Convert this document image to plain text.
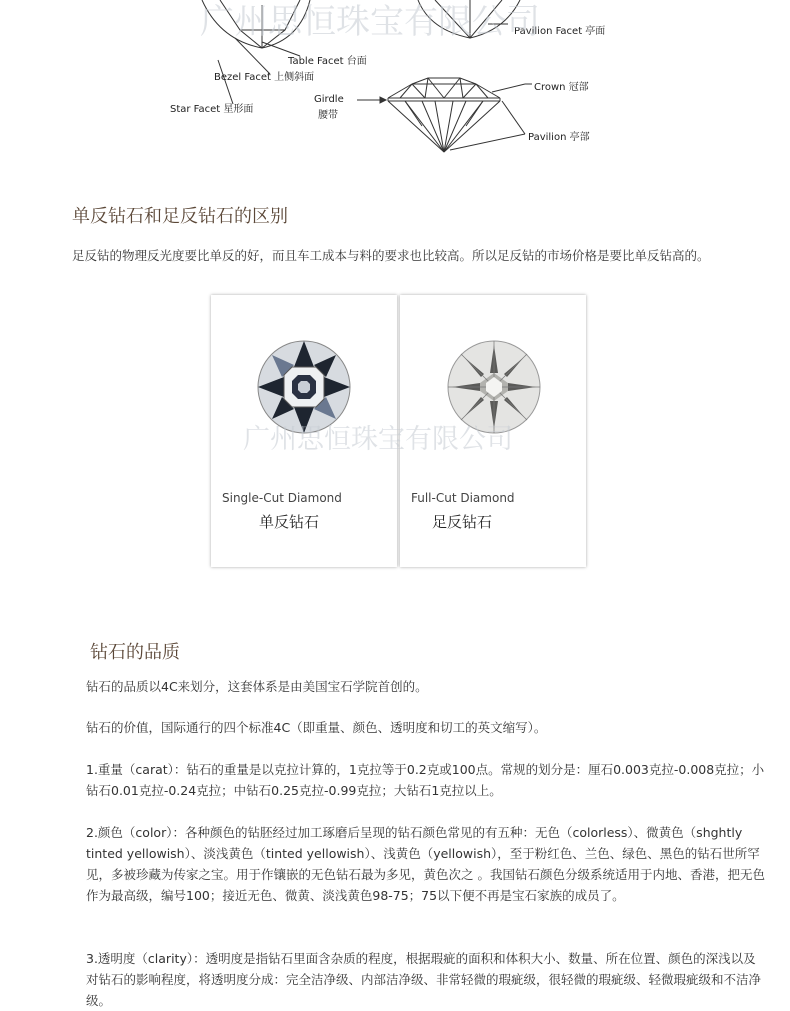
Pavilion Facet 亭面
Table Facet 台面
Bezel Facet 上侧斜面
Star Facet 星形面
Girdle
腰带
Crown 冠部
Pavilion 亭部
广州思恒珠宝有限公司
单反钻石和足反钻石的区别

足反钻的物理反光度要比单反的好，而且车工成本与料的要求也比较高。所以足反钻的市场价格是要比单反钻高的。

Single-Cut Diamond
单反钻石
Full-Cut Diamond
足反钻石
广州思恒珠宝有限公司
钻石的品质

钻石的品质以4C来划分，这套体系是由美国宝石学院首创的。

钻石的价值，国际通行的四个标准4C（即重量、颜色、透明度和切工的英文缩写）。

1.重量（carat）：钻石的重量是以克拉计算的，1克拉等于0.2克或100点。常规的划分是：厘石0.003克拉-0.008克拉；小钻石0.01克拉-0.24克拉；中钻石0.25克拉-0.99克拉；大钻石1克拉以上。

2.颜色（color）：各种颜色的钻胚经过加工琢磨后呈现的钻石颜色常见的有五种：无色（colorless）、微黄色（shghtly tinted yellowish）、淡浅黄色（tinted yellowish）、浅黄色（yellowish），至于粉红色、兰色、绿色、黑色的钻石世所罕见，多被珍藏为传家之宝。用于作镶嵌的无色钻石最为多见，黄色次之 。我国钻石颜色分级系统适用于内地、香港，把无色作为最高级，编号100；接近无色、微黄、淡浅黄色98-75；75以下便不再是宝石家族的成员了。

3.透明度（clarity）：透明度是指钻石里面含杂质的程度，根据瑕疵的面积和体积大小、数量、所在位置、颜色的深浅以及对钻石的影响程度，将透明度分成：完全洁净级、内部洁净级、非常轻微的瑕疵级，很轻微的瑕疵级、轻微瑕疵级和不洁净级。
